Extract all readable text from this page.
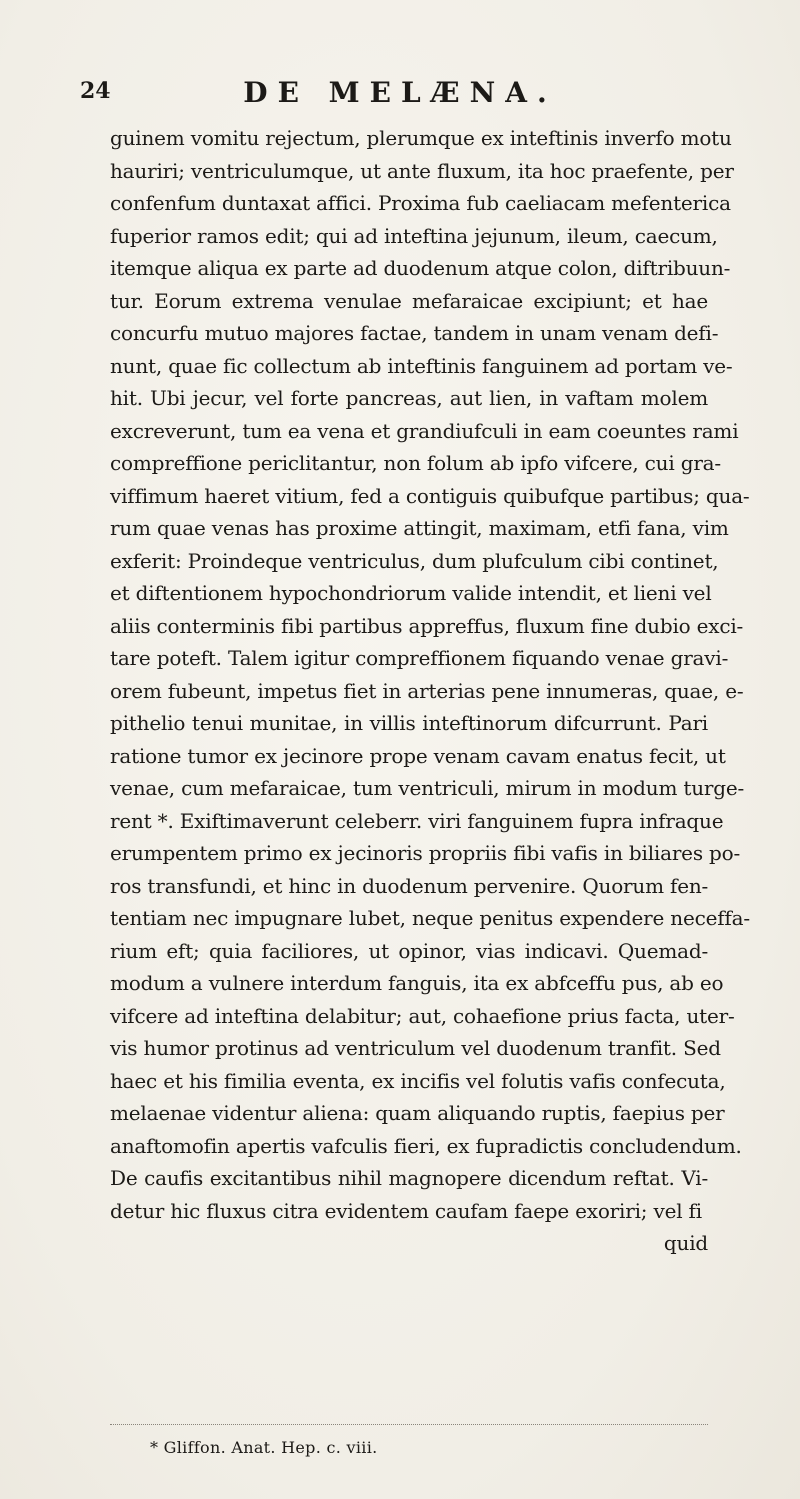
24	DE MELÆNA.
guinem vomitu rejectum, plerumque ex inteftinis inverfo motu
hauriri; ventriculumque, ut ante fluxum, ita hoc praefente, per
confenfum duntaxat affici. Proxima fub caeliacam mefenterica
fuperior ramos edit; qui ad inteftina jejunum, ileum, caecum,
itemque aliqua ex parte ad duodenum atque colon, diftribuun-
tur. Eorum extrema venulae mefaraicae excipiunt; et hae
concurfu mutuo majores factae, tandem in unam venam defi-
nunt, quae fic collectum ab inteftinis fanguinem ad portam ve-
hit. Ubi jecur, vel forte pancreas, aut lien, in vaftam molem
excreverunt, tum ea vena et grandiufculi in eam coeuntes rami
compreffione periclitantur, non folum ab ipfo vifcere, cui gra-
viffimum haeret vitium, fed a contiguis quibufque partibus; qua-
rum quae venas has proxime attingit, maximam, etfi fana, vim
exferit: Proindeque ventriculus, dum plufculum cibi continet,
et diftentionem hypochondriorum valide intendit, et lieni vel
aliis conterminis fibi partibus appreffus, fluxum fine dubio exci-
tare poteft. Talem igitur compreffionem fiquando venae gravi-
orem fubeunt, impetus fiet in arterias pene innumeras, quae, e-
pithelio tenui munitae, in villis inteftinorum difcurrunt. Pari
ratione tumor ex jecinore prope venam cavam enatus fecit, ut
venae, cum mefaraicae, tum ventriculi, mirum in modum turge-
rent *. Exiftimaverunt celeberr. viri fanguinem fupra infraque
erumpentem primo ex jecinoris propriis fibi vafis in biliares po-
ros transfundi, et hinc in duodenum pervenire. Quorum fen-
tentiam nec impugnare lubet, neque penitus expendere neceffa-
rium eft; quia faciliores, ut opinor, vias indicavi. Quemad-
modum a vulnere interdum fanguis, ita ex abfceffu pus, ab eo
vifcere ad inteftina delabitur; aut, cohaefione prius facta, uter-
vis humor protinus ad ventriculum vel duodenum tranfit. Sed
haec et his fimilia eventa, ex incifis vel folutis vafis confecuta,
melaenae videntur aliena: quam aliquando ruptis, faepius per
anaftomofin apertis vafculis fieri, ex fupradictis concludendum.
De caufis excitantibus nihil magnopere dicendum reftat. Vi-
detur hic fluxus citra evidentem caufam faepe exoriri; vel fi
quid
* Gliffon. Anat. Hep. c. viii.
